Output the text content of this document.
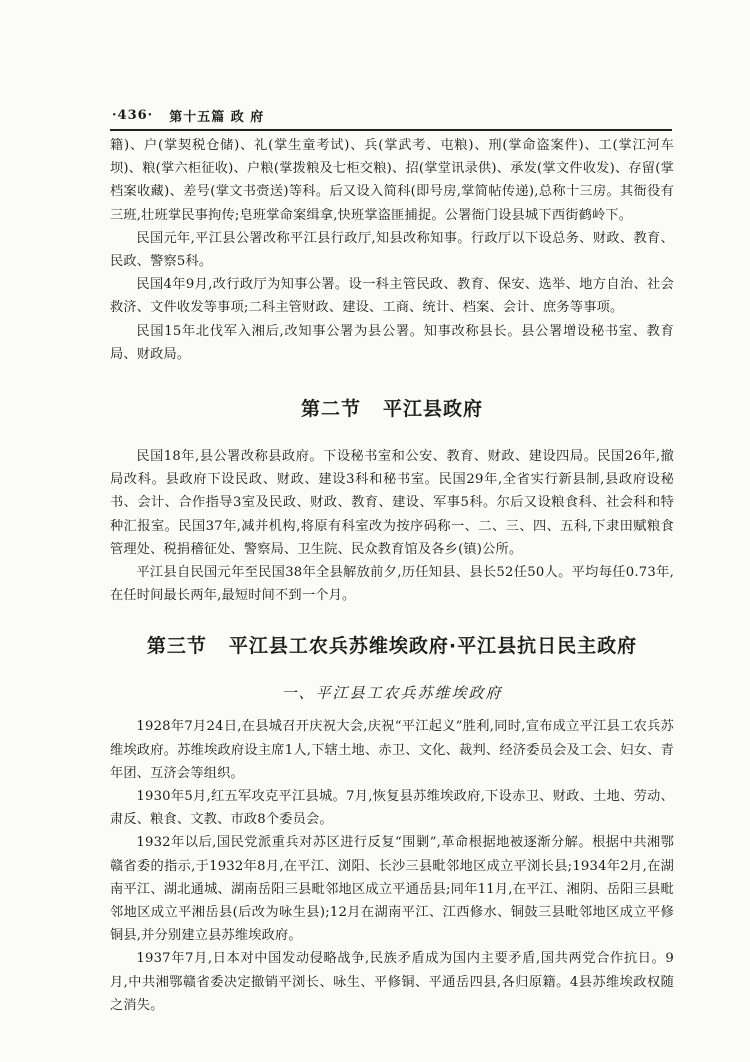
·436· 第十五篇 政 府

籍)、户(掌契税仓储)、礼(掌生童考试)、兵(掌武考、屯粮)、刑(掌命盗案件)、工(掌江河车坝)、粮(掌六柜征收)、户粮(掌拨粮及七柜交粮)、招(掌堂讯录供)、承发(掌文件收发)、存留(掌档案收藏)、差号(掌文书赍送)等科。后又设入简科(即号房,掌简帖传递),总称十三房。其衙役有三班,壮班掌民事拘传;皂班掌命案缉拿,快班掌盗匪捕捉。公署衙门设县城下西街鹤岭下。

民国元年,平江县公署改称平江县行政厅,知县改称知事。行政厅以下设总务、财政、教育、民政、警察5科。

民国4年9月,改行政厅为知事公署。设一科主管民政、教育、保安、选举、地方自治、社会救济、文件收发等事项;二科主管财政、建设、工商、统计、档案、会计、庶务等事项。

民国15年北伐军入湘后,改知事公署为县公署。知事改称县长。县公署增设秘书室、教育局、财政局。

第二节 平江县政府

民国18年,县公署改称县政府。下设秘书室和公安、教育、财政、建设四局。民国26年,撤局改科。县政府下设民政、财政、建设3科和秘书室。民国29年,全省实行新县制,县政府设秘书、会计、合作指导3室及民政、财政、教育、建设、军事5科。尔后又设粮食科、社会科和特种汇报室。民国37年,减并机构,将原有科室改为按序码称一、二、三、四、五科,下隶田赋粮食管理处、税捐稽征处、警察局、卫生院、民众教育馆及各乡(镇)公所。

平江县自民国元年至民国38年全县解放前夕,历任知县、县长52任50人。平均每任0.73年,在任时间最长两年,最短时间不到一个月。

第三节 平江县工农兵苏维埃政府·平江县抗日民主政府
一、平江县工农兵苏维埃政府

1928年7月24日,在县城召开庆祝大会,庆祝“平江起义”胜利,同时,宣布成立平江县工农兵苏维埃政府。苏维埃政府设主席1人,下辖土地、赤卫、文化、裁判、经济委员会及工会、妇女、青年团、互济会等组织。

1930年5月,红五军攻克平江县城。7月,恢复县苏维埃政府,下设赤卫、财政、土地、劳动、肃反、粮食、文教、市政8个委员会。

1932年以后,国民党派重兵对苏区进行反复“围剿”,革命根据地被逐渐分解。根据中共湘鄂赣省委的指示,于1932年8月,在平江、浏阳、长沙三县毗邻地区成立平浏长县;1934年2月,在湖南平江、湖北通城、湖南岳阳三县毗邻地区成立平通岳县;同年11月,在平江、湘阴、岳阳三县毗邻地区成立平湘岳县(后改为咏生县);12月在湖南平江、江西修水、铜鼓三县毗邻地区成立平修铜县,并分别建立县苏维埃政府。

1937年7月,日本对中国发动侵略战争,民族矛盾成为国内主要矛盾,国共两党合作抗日。9月,中共湘鄂赣省委决定撤销平浏长、咏生、平修铜、平通岳四县,各归原籍。4县苏维埃政权随之消失。
